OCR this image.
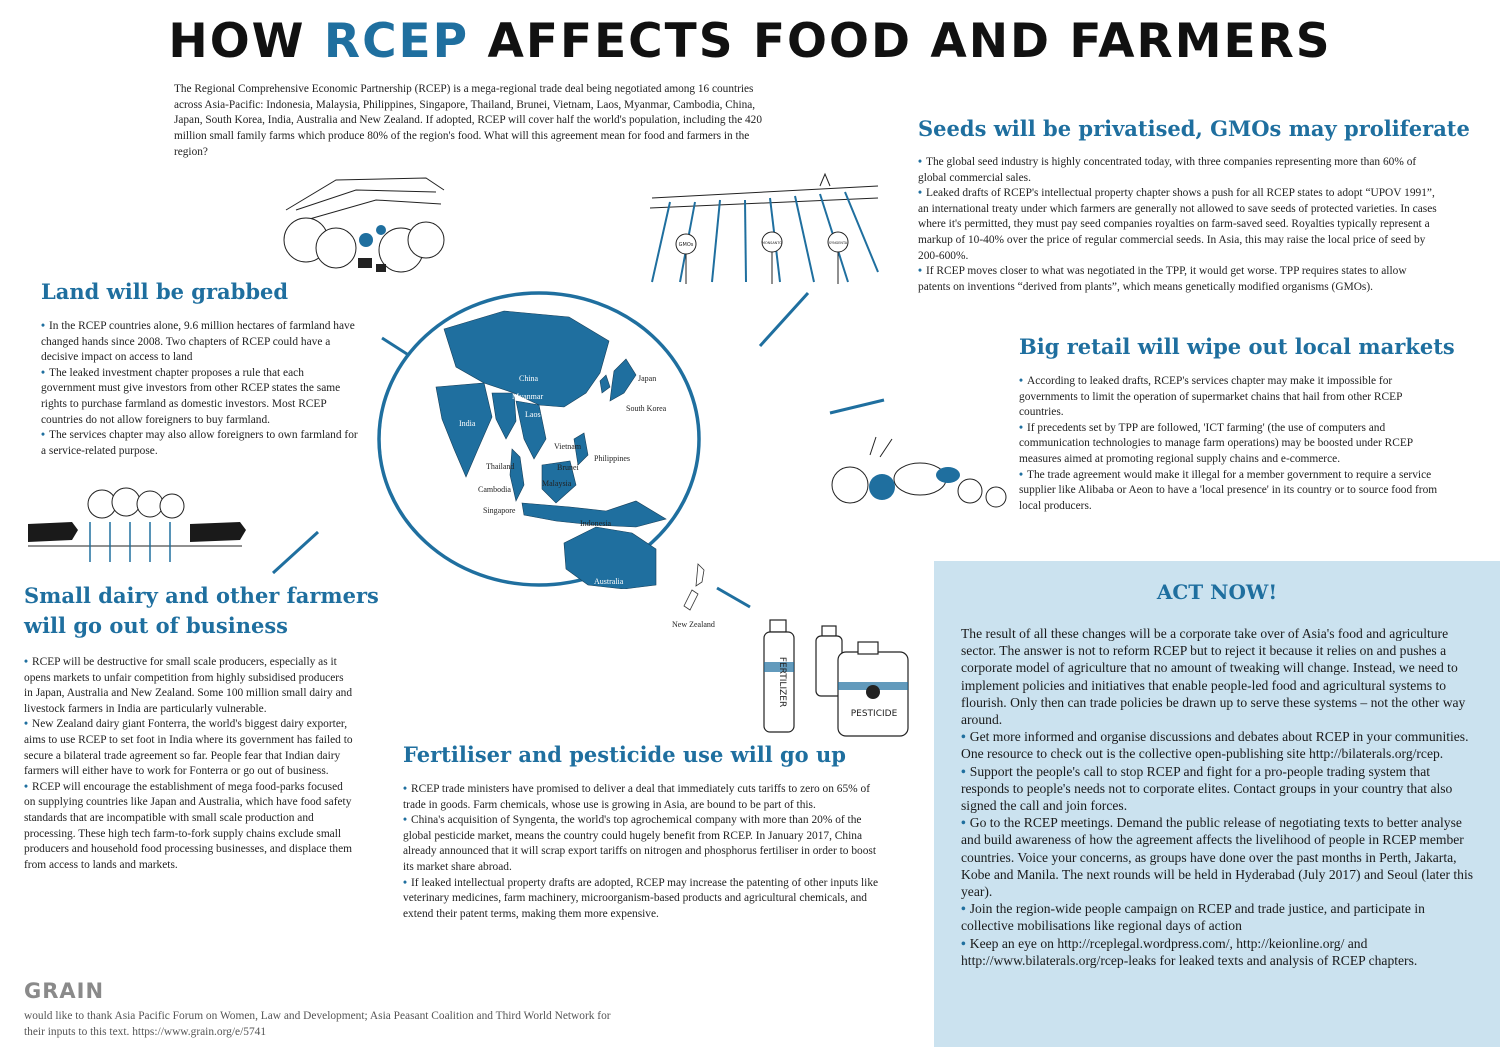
HOW RCEP AFFECTS FOOD AND FARMERS
The Regional Comprehensive Economic Partnership (RCEP) is a mega-regional trade deal being negotiated among 16 countries across Asia-Pacific: Indonesia, Malaysia, Philippines, Singapore, Thailand, Brunei, Vietnam, Laos, Myanmar, Cambodia, China, Japan, South Korea, India, Australia and New Zealand. If adopted, RCEP will cover half the world's population, including the 420 million small family farms which produce 80% of the region's food. What will this agreement mean for food and farmers in the region?
China
Myanmar
Laos
India
Australia
Japan
South Korea
Vietnam
Philippines
Thailand	Brunei
Malaysia
Cambodia
Singapore
Indonesia
New Zealand
GMOs	MONSANTO	SYNGENTA
FERTILIZER
PESTICIDE
Land will be grabbed

• In the RCEP countries alone, 9.6 million hectares of farmland have changed hands since 2008. Two chapters of RCEP could have a decisive impact on access to land

• The leaked investment chapter proposes a rule that each government must give investors from other RCEP states the same rights to purchase farmland as domestic investors. Most RCEP countries do not allow foreigners to buy farmland.

• The services chapter may also allow foreigners to own farmland for a service-related purpose.

Small dairy and other farmers
will go out of business

• RCEP will be destructive for small scale producers, especially as it opens markets to unfair competition from highly subsidised producers in Japan, Australia and New Zealand. Some 100 million small dairy and livestock farmers in India are particularly vulnerable.

• New Zealand dairy giant Fonterra, the world's biggest dairy exporter, aims to use RCEP to set foot in India where its government has failed to secure a bilateral trade agreement so far. People fear that Indian dairy farmers will either have to work for Fonterra or go out of business.

• RCEP will encourage the establishment of mega food-parks focused on supplying countries like Japan and Australia, which have food safety standards that are incompatible with small scale production and processing. These high tech farm-to-fork supply chains exclude small producers and household food processing businesses, and displace them from access to lands and markets.

Fertiliser and pesticide use will go up

• RCEP trade ministers have promised to deliver a deal that immediately cuts tariffs to zero on 65% of trade in goods. Farm chemicals, whose use is growing in Asia, are bound to be part of this.

• China's acquisition of Syngenta, the world's top agrochemical company with more than 20% of the global pesticide market, means the country could hugely benefit from RCEP. In January 2017, China already announced that it will scrap export tariffs on nitrogen and phosphorus fertiliser in order to boost its market share abroad.

• If leaked intellectual property drafts are adopted, RCEP may increase the patenting of other inputs like veterinary medicines, farm machinery, microorganism-based products and agricultural chemicals, and extend their patent terms, making them more expensive.

Seeds will be privatised, GMOs may proliferate

• The global seed industry is highly concentrated today, with three companies representing more than 60% of global commercial sales.

• Leaked drafts of RCEP's intellectual property chapter shows a push for all RCEP states to adopt “UPOV 1991”, an international treaty under which farmers are generally not allowed to save seeds of protected varieties. In cases where it's permitted, they must pay seed companies royalties on farm-saved seed. Royalties typically represent a markup of 10-40% over the price of regular commercial seeds. In Asia, this may raise the local price of seed by 200-600%.

• If RCEP moves closer to what was negotiated in the TPP, it would get worse. TPP requires states to allow patents on inventions “derived from plants”, which means genetically modified organisms (GMOs).

Big retail will wipe out local markets

• According to leaked drafts, RCEP's services chapter may make it impossible for governments to limit the operation of supermarket chains that hail from other RCEP countries.

• If precedents set by TPP are followed, 'ICT farming' (the use of computers and communication technologies to manage farm operations) may be boosted under RCEP measures aimed at promoting regional supply chains and e-commerce.

• The trade agreement would make it illegal for a member government to require a service supplier like Alibaba or Aeon to have a 'local presence' in its country or to source food from local producers.

ACT NOW!

The result of all these changes will be a corporate take over of Asia's food and agriculture sector. The answer is not to reform RCEP but to reject it because it relies on and pushes a corporate model of agriculture that no amount of tweaking will change. Instead, we need to implement policies and initiatives that enable people-led food and agricultural systems to flourish. Only then can trade policies be drawn up to serve these systems – not the other way around.

• Get more informed and organise discussions and debates about RCEP in your communities. One resource to check out is the collective open-publishing site http://bilaterals.org/rcep.

• Support the people's call to stop RCEP and fight for a pro-people trading system that responds to people's needs not to corporate elites. Contact groups in your country that also signed the call and join forces.

• Go to the RCEP meetings. Demand the public release of negotiating texts to better analyse and build awareness of how the agreement affects the livelihood of people in RCEP member countries. Voice your concerns, as groups have done over the past months in Perth, Jakarta, Kobe and Manila. The next rounds will be held in Hyderabad (July 2017) and Seoul (later this year).

• Join the region-wide people campaign on RCEP and trade justice, and participate in collective mobilisations like regional days of action

• Keep an eye on http://rceplegal.wordpress.com/, http://keionline.org/ and http://www.bilaterals.org/rcep-leaks for leaked texts and analysis of RCEP chapters.

GRAIN
would like to thank Asia Pacific Forum on Women, Law and Development; Asia Peasant Coalition and Third World Network for their inputs to this text. https://www.grain.org/e/5741
